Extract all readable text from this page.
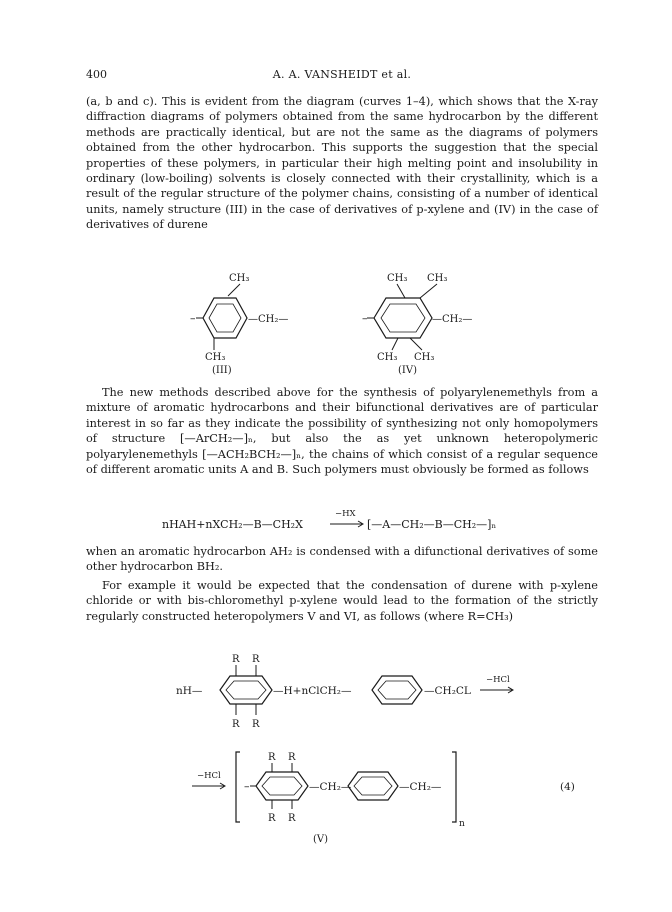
400	A. A. VANSHEIDT et al.

(a, b and c). This is evident from the diagram (curves 1–4), which shows that the X-ray diffraction diagrams of polymers obtained from the same hydrocarbon by the different methods are practically identical, but are not the same as the diagrams of polymers obtained from the other hydrocarbon. This supports the suggestion that the special properties of these polymers, in particular their high melting point and insolubility in ordinary (low-boiling) solvents is closely connected with their crystallinity, which is a result of the regular structure of the polymer chains, consisting of a number of identical units, namely structure (III) in the case of derivatives of p-xylene and (IV) in the case of derivatives of durene

CH₃
–	—CH₂—
CH₃
(III)
CH₃ CH₃
–	—CH₂—
CH₃ CH₃
(IV)

The new methods described above for the synthesis of polyarylenemethyls from a mixture of aromatic hydrocarbons and their bifunctional derivatives are of particular interest in so far as they indicate the possibility of synthesizing not only homopolymers of structure [—ArCH₂—]ₙ, but also the as yet unknown heteropolymeric polyarylenemethyls [—ACH₂BCH₂—]ₙ, the chains of which consist of a regular sequence of different aromatic units A and B. Such polymers must obviously be formed as follows

nHAH+nXCH₂—B—CH₂X
−HX
[—A—CH₂—B—CH₂—]ₙ

when an aromatic hydrocarbon AH₂ is condensed with a difunctional derivatives of some other hydrocarbon BH₂.

For example it would be expected that the condensation of durene with p-xylene chloride or with bis-chloromethyl p-xylene would lead to the formation of the strictly regularly constructed heteropolymers V and VI, as follows (where R=CH₃)

R R
nH—
R R
—H+nClCH₂—	—CH₂CL
−HCl
−HCl
–
R R
R R
—CH₂—	—CH₂—
n
(4)
(V)
